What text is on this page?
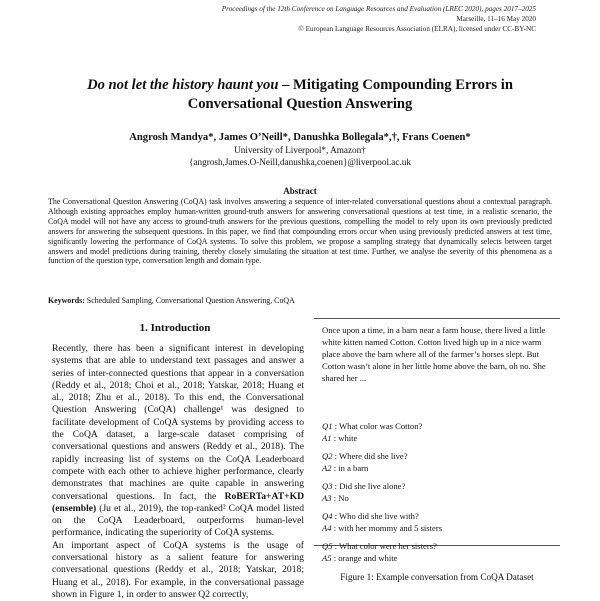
Proceedings of the 12th Conference on Language Resources and Evaluation (LREC 2020), pages 2017–2025
Marseille, 11–16 May 2020
© European Language Resources Association (ELRA), licensed under CC-BY-NC
Do not let the history haunt you – Mitigating Compounding Errors in Conversational Question Answering
Angrosh Mandya*, James O’Neill*, Danushka Bollegala*,†, Frans Coenen*
University of Liverpool*, Amazon†
{angrosh,James.O-Neill,danushka,coenen}@liverpool.ac.uk
Abstract
The Conversational Question Answering (CoQA) task involves answering a sequence of inter-related conversational questions about a contextual paragraph. Although existing approaches employ human-written ground-truth answers for answering conversational questions at test time, in a realistic scenario, the CoQA model will not have any access to ground-truth answers for the previous questions, compelling the model to rely upon its own previously predicted answers for answering the subsequent questions. In this paper, we find that compounding errors occur when using previously predicted answers at test time, significantly lowering the performance of CoQA systems. To solve this problem, we propose a sampling strategy that dynamically selects between target answers and model predictions during training, thereby closely simulating the situation at test time. Further, we analyse the severity of this phenomena as a function of the question type, conversation length and domain type.
Keywords: Scheduled Sampling, Conversational Question Answering, CoQA
1. Introduction

Recently, there has been a significant interest in developing systems that are able to understand text passages and answer a series of inter-connected questions that appear in a conversation (Reddy et al., 2018; Choi et al., 2018; Yatskar, 2018; Huang et al., 2018; Zhu et al., 2018). To this end, the Conversational Question Answering (CoQA) challenge¹ was designed to facilitate development of CoQA systems by providing access to the CoQA dataset, a large-scale dataset comprising of conversational questions and answers (Reddy et al., 2018). The rapidly increasing list of systems on the CoQA Leaderboard compete with each other to achieve higher performance, clearly demonstrates that machines are quite capable in answering conversational questions. In fact, the RoBERTa+AT+KD (ensemble) (Ju et al., 2019), the top-ranked² CoQA model listed on the CoQA Leaderboard, outperforms human-level performance, indicating the superiority of CoQA systems.

An important aspect of CoQA systems is the usage of conversational history as a salient feature for answering conversational questions (Reddy et al., 2018; Yatskar, 2018; Huang et al., 2018). For example, in the conversational passage shown in Figure 1, in order to answer Q2 correctly,

Once upon a time, in a barn near a farm house, there lived a little white kitten named Cotton. Cotton lived high up in a nice warm place above the barn where all of the farmer’s horses slept. But Cotton wasn’t alone in her little home above the barn, oh no. She shared her ...
Q1 : What color was Cotton?
A1 : white
Q2 : Where did she live?
A2 : in a barn
Q3 : Did she live alone?
A3 : No
Q4 : Who did she live with?
A4 : with her mommy and 5 sisters
Q5 : What color were her sisters?
A5 : orange and white
Figure 1: Example conversation from CoQA Dataset
